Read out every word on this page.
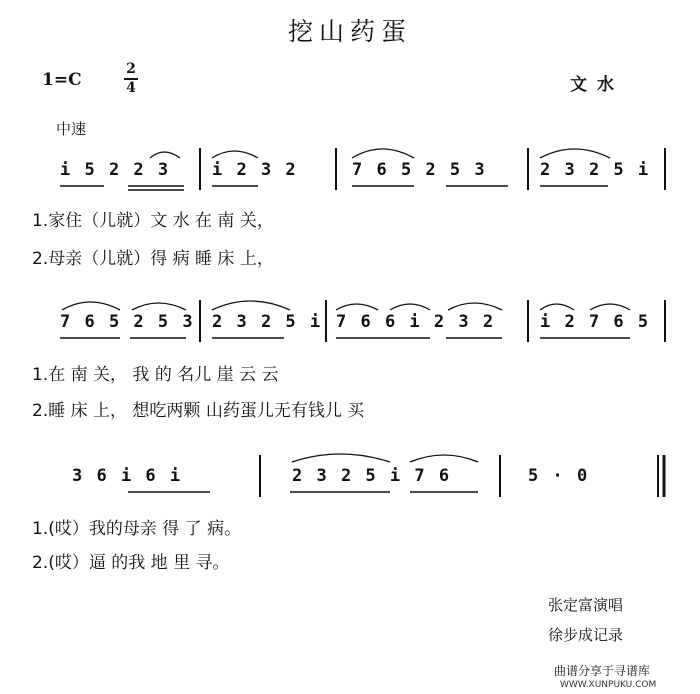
挖山药蛋
1=C
2
4	文水
中速
i 5 2 2 3 i 2 3 2	7 6 5 2 5 3	2 3 2 5 i
1.家住（儿就）文 水 在 南 关，
2.母亲（儿就）得 病 睡 床 上，
7 6 5 2 5 3 2 3 2 5 i 7 6 6 i 2 3 2	i 2 7 6 5
1.在 南 关， 我 的 名儿 崖 云 云
2.睡 床 上， 想吃两颗 山药蛋儿无有钱儿 买
3 6 i 6 i	2 3 2 5 i 7 6	5 · 0
1.(哎）我的母亲 得 了 病。
2.(哎）逼 的我 地 里 寻。
张定富演唱
徐步成记录
曲谱分享于寻谱库
WWW.XUNPUKU.COM
